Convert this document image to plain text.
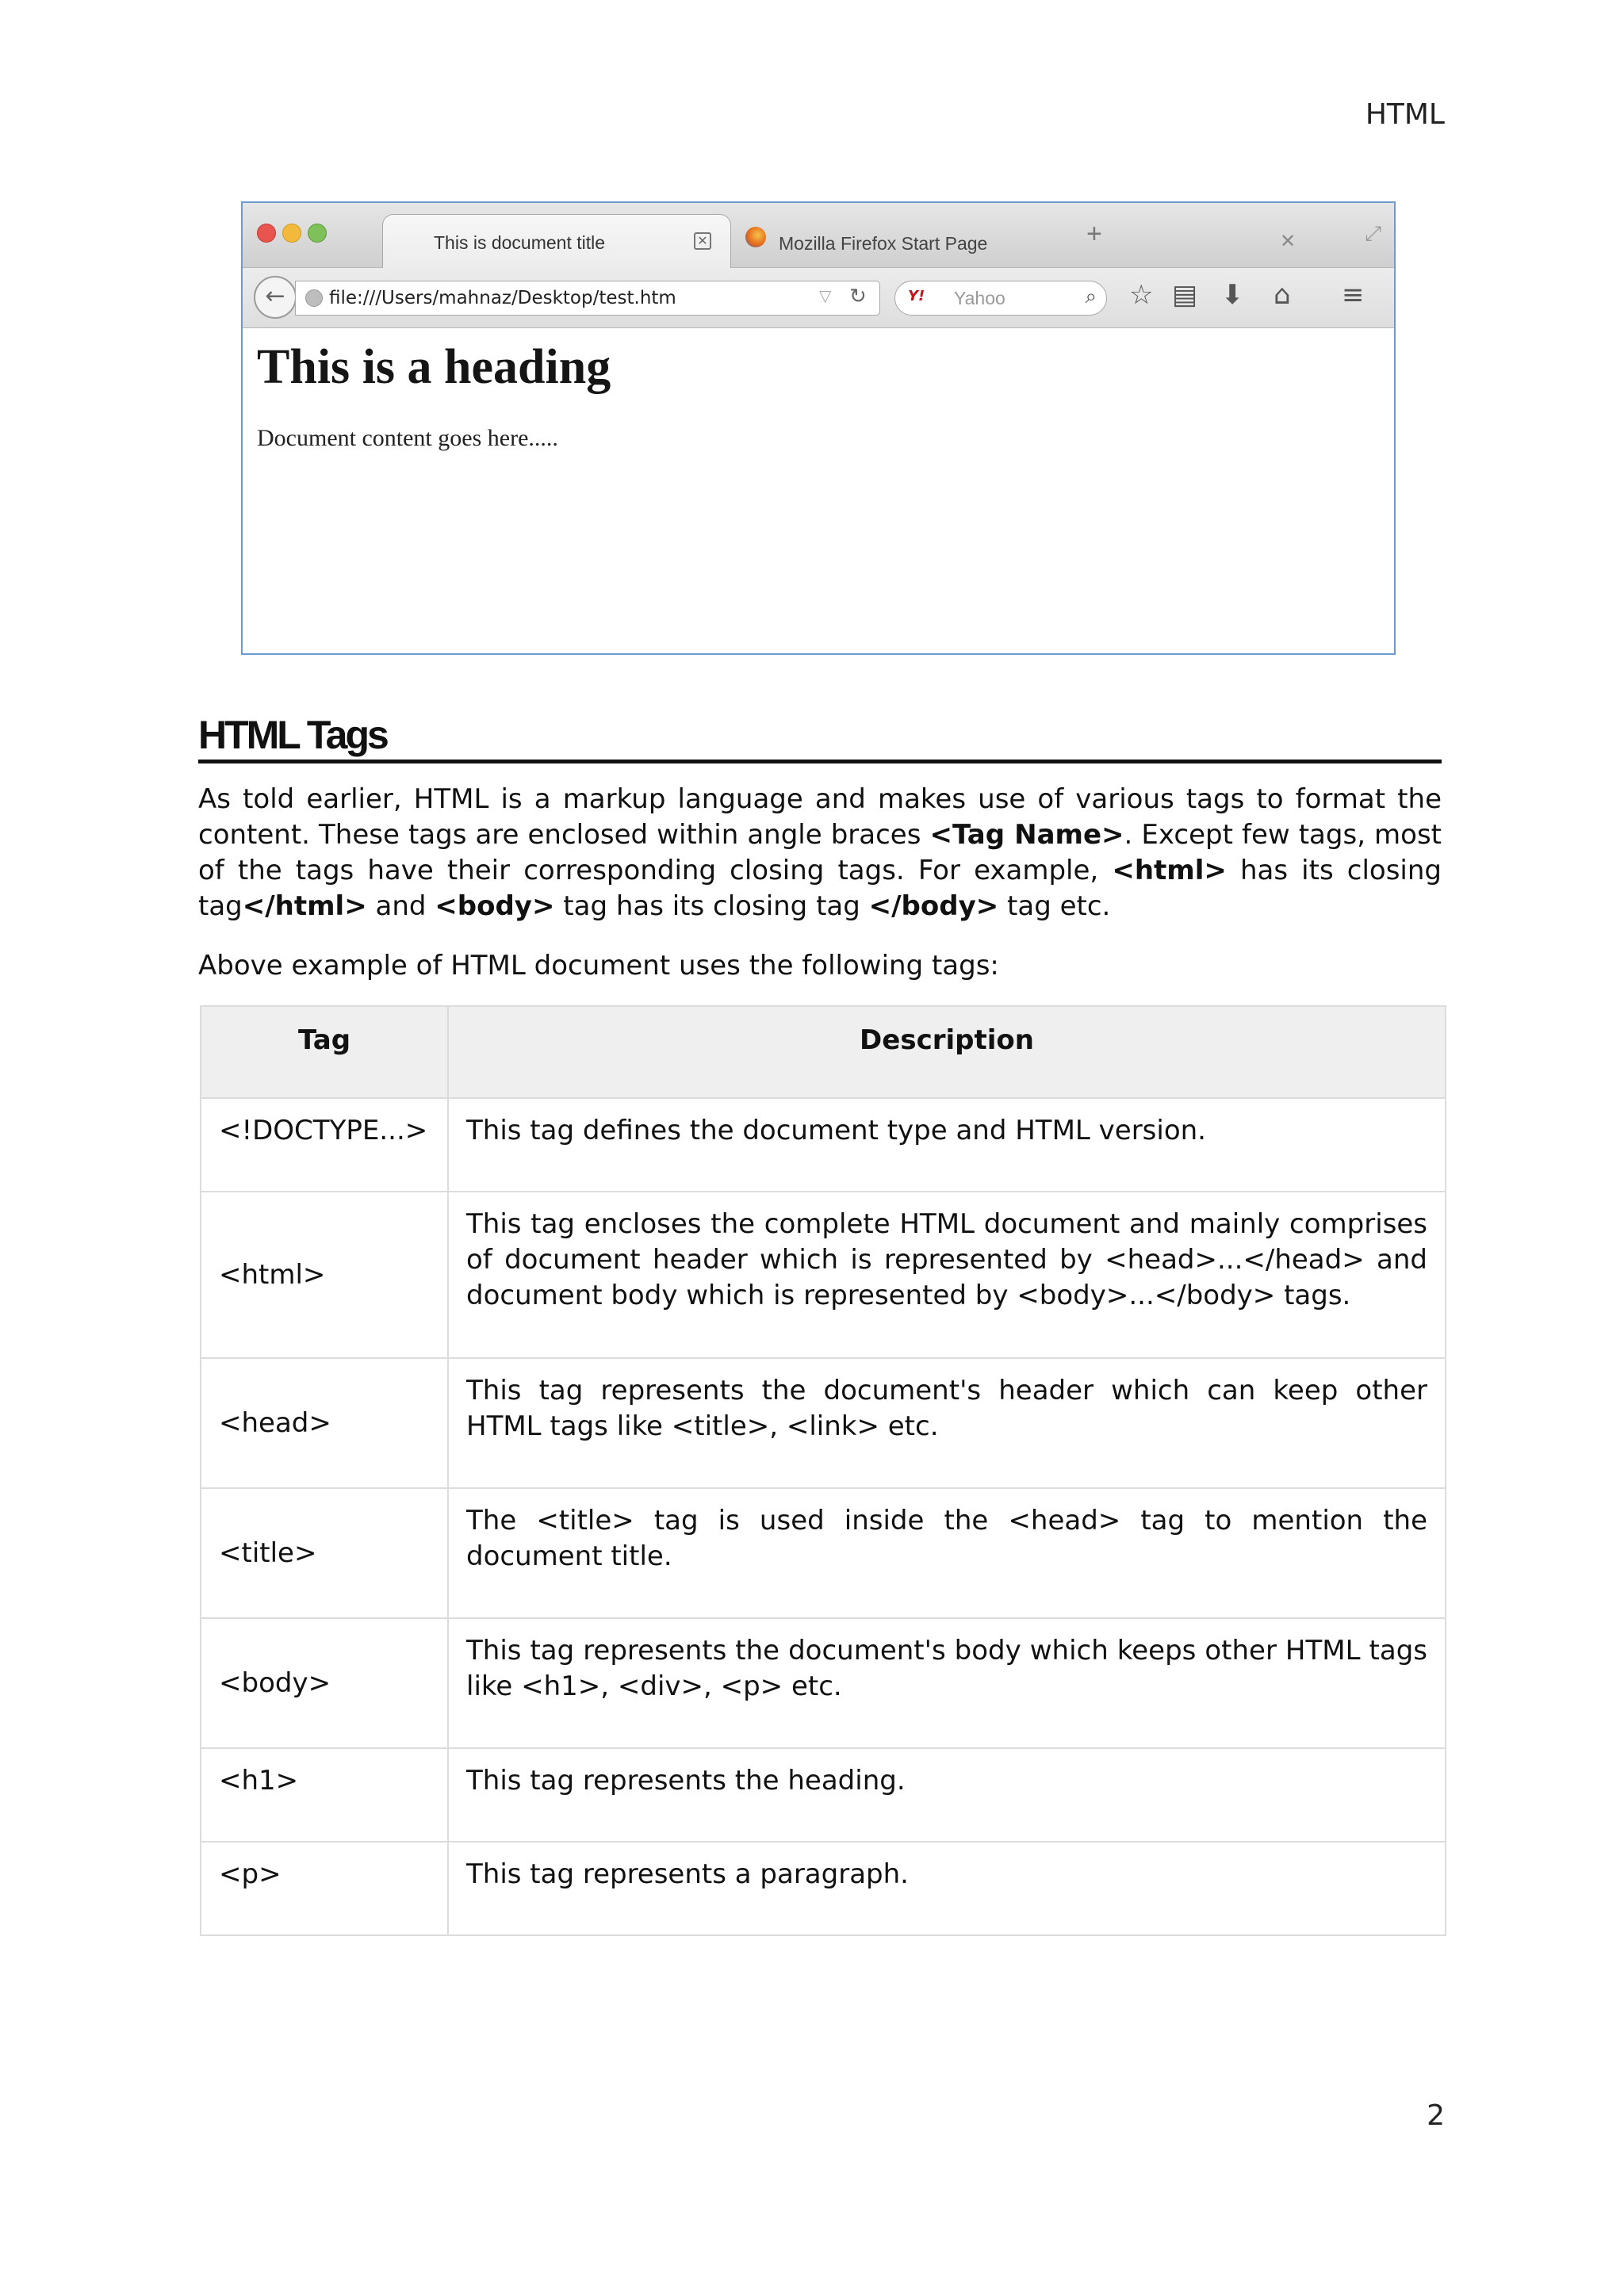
HTML
This is document title	✕	Mozilla Firefox Start Page	✕
+	⤢
←	file:///Users/mahnaz/Desktop/test.htm	▽ ↻	Y! Yahoo	⌕ ☆ ▤ ⬇ ⌂ ≡
This is a heading
Document content goes here.....
HTML Tags
As told earlier, HTML is a markup language and makes use of various tags to format the content. These tags are enclosed within angle braces <Tag Name>. Except few tags, most of the tags have their corresponding closing tags. For example, <html> has its closing tag</html> and <body> tag has its closing tag </body> tag etc.
Above example of HTML document uses the following tags:
Tag	Description
<!DOCTYPE...>	This tag defines the document type and HTML version.
<html>	This tag encloses the complete HTML document and mainly comprises of document header which is represented by <head>...</head> and document body which is represented by <body>...</body> tags.
<head>	This tag represents the document's header which can keep other HTML tags like <title>, <link> etc.
<title>	The <title> tag is used inside the <head> tag to mention the document title.
<body>	This tag represents the document's body which keeps other HTML tags like <h1>, <div>, <p> etc.
<h1>	This tag represents the heading.
<p>	This tag represents a paragraph.
2
